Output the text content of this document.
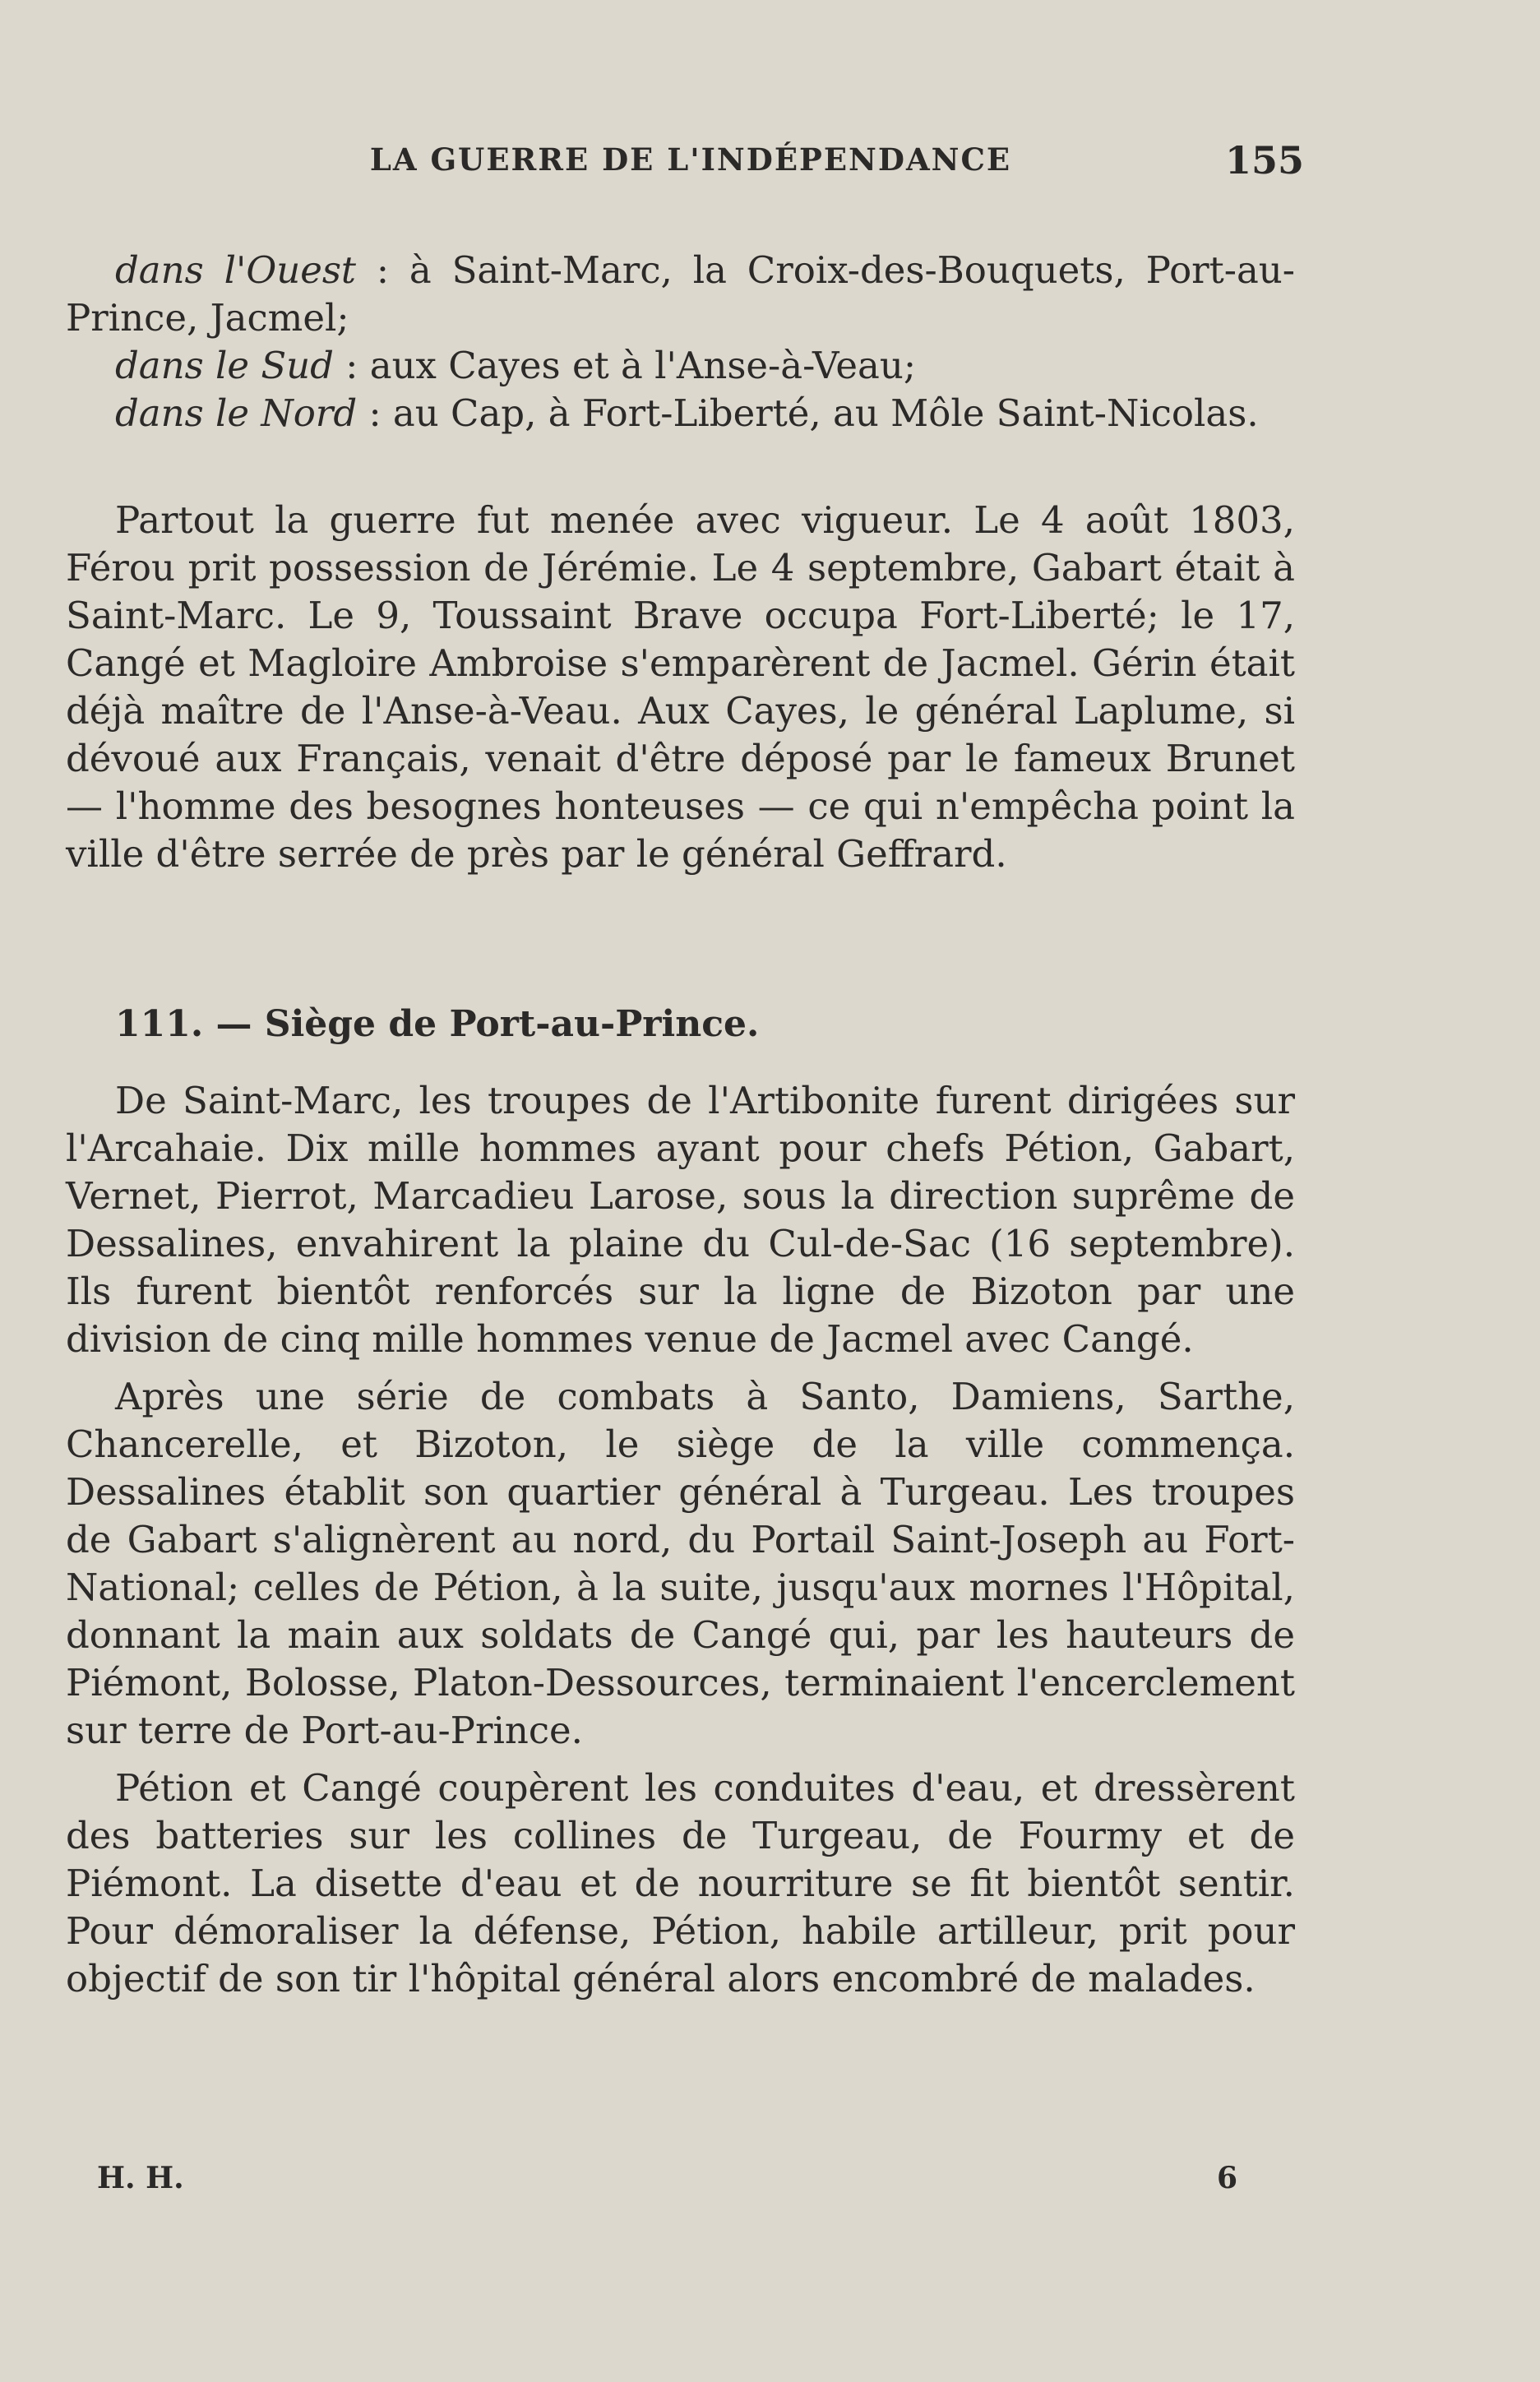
LA GUERRE DE L'INDÉPENDANCE	155

dans l'Ouest : à Saint-Marc, la Croix-des-Bouquets, Port-au-Prince, Jacmel;

dans le Sud : aux Cayes et à l'Anse-à-Veau;

dans le Nord : au Cap, à Fort-Liberté, au Môle Saint-Nicolas.

Partout la guerre fut menée avec vigueur. Le 4 août 1803, Férou prit possession de Jérémie. Le 4 septembre, Gabart était à Saint-Marc. Le 9, Toussaint Brave occupa Fort-Liberté; le 17, Cangé et Magloire Ambroise s'emparèrent de Jacmel. Gérin était déjà maître de l'Anse-à-Veau. Aux Cayes, le général Laplume, si dévoué aux Français, venait d'être déposé par le fameux Brunet — l'homme des besognes honteuses — ce qui n'empêcha point la ville d'être serrée de près par le général Geffrard.

111. — Siège de Port-au-Prince.

De Saint-Marc, les troupes de l'Artibonite furent dirigées sur l'Arcahaie. Dix mille hommes ayant pour chefs Pétion, Gabart, Vernet, Pierrot, Marcadieu Larose, sous la direction suprême de Dessalines, envahirent la plaine du Cul-de-Sac (16 septembre). Ils furent bientôt renforcés sur la ligne de Bizoton par une division de cinq mille hommes venue de Jacmel avec Cangé.

Après une série de combats à Santo, Damiens, Sarthe, Chancerelle, et Bizoton, le siège de la ville commença. Dessalines établit son quartier général à Turgeau. Les troupes de Gabart s'alignèrent au nord, du Portail Saint-Joseph au Fort-National; celles de Pétion, à la suite, jusqu'aux mornes l'Hôpital, donnant la main aux soldats de Cangé qui, par les hauteurs de Piémont, Bolosse, Platon-Dessources, terminaient l'encerclement sur terre de Port-au-Prince.

Pétion et Cangé coupèrent les conduites d'eau, et dressèrent des batteries sur les collines de Turgeau, de Fourmy et de Piémont. La disette d'eau et de nourriture se fit bientôt sentir. Pour démoraliser la défense, Pétion, habile artilleur, prit pour objectif de son tir l'hôpital général alors encombré de malades.

H. H.	6
